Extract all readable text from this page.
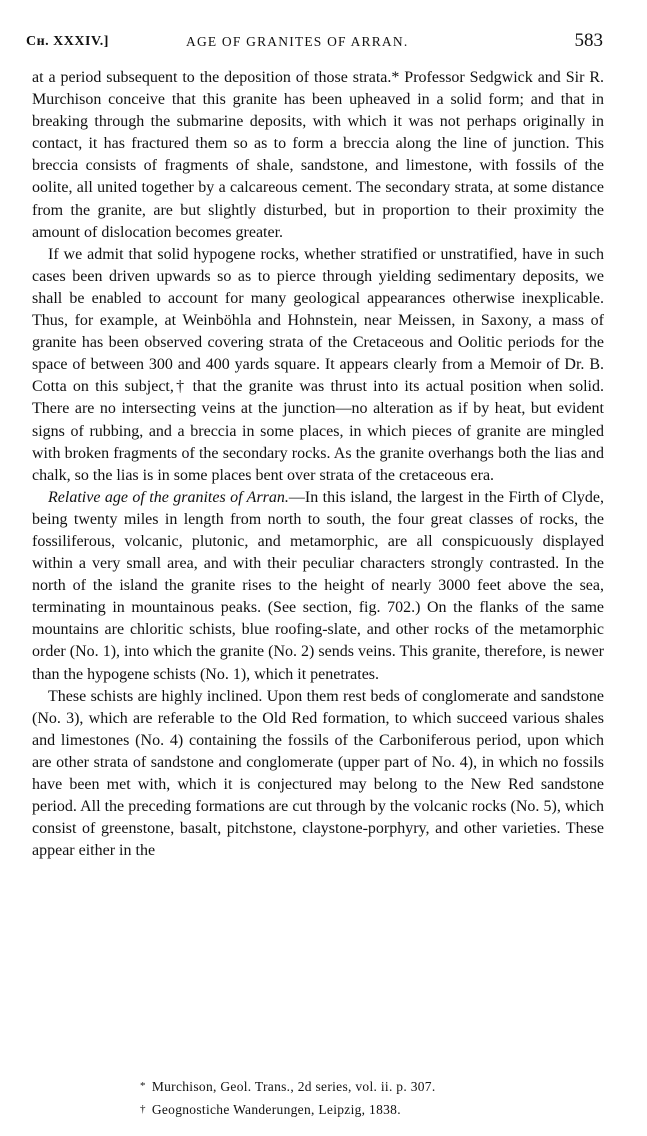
Cʜ. XXXIV.]	AGE OF GRANITES OF ARRAN.	583

at a period subsequent to the deposition of those strata.* Professor Sedgwick and Sir R. Murchison conceive that this granite has been upheaved in a solid form; and that in breaking through the submarine deposits, with which it was not perhaps originally in contact, it has fractured them so as to form a breccia along the line of junction. This breccia consists of fragments of shale, sandstone, and limestone, with fossils of the oolite, all united together by a calcareous cement. The secondary strata, at some distance from the granite, are but slightly disturbed, but in proportion to their proximity the amount of dislocation becomes greater.

If we admit that solid hypogene rocks, whether stratified or unstratified, have in such cases been driven upwards so as to pierce through yielding sedimentary deposits, we shall be enabled to account for many geological appearances otherwise inexplicable. Thus, for example, at Weinböhla and Hohnstein, near Meissen, in Saxony, a mass of granite has been observed covering strata of the Cretaceous and Oolitic periods for the space of between 300 and 400 yards square. It appears clearly from a Memoir of Dr. B. Cotta on this subject,† that the granite was thrust into its actual position when solid. There are no intersecting veins at the junction—no alteration as if by heat, but evident signs of rubbing, and a breccia in some places, in which pieces of granite are mingled with broken fragments of the secondary rocks. As the granite overhangs both the lias and chalk, so the lias is in some places bent over strata of the cretaceous era.

Relative age of the granites of Arran.—In this island, the largest in the Firth of Clyde, being twenty miles in length from north to south, the four great classes of rocks, the fossiliferous, volcanic, plutonic, and metamorphic, are all conspicuously displayed within a very small area, and with their peculiar characters strongly contrasted. In the north of the island the granite rises to the height of nearly 3000 feet above the sea, terminating in mountainous peaks. (See section, fig. 702.) On the flanks of the same mountains are chloritic schists, blue roofing-slate, and other rocks of the metamorphic order (No. 1), into which the granite (No. 2) sends veins. This granite, therefore, is newer than the hypogene schists (No. 1), which it penetrates.

These schists are highly inclined. Upon them rest beds of conglomerate and sandstone (No. 3), which are referable to the Old Red formation, to which succeed various shales and limestones (No. 4) containing the fossils of the Carboniferous period, upon which are other strata of sandstone and conglomerate (upper part of No. 4), in which no fossils have been met with, which it is conjectured may belong to the New Red sandstone period. All the preceding formations are cut through by the volcanic rocks (No. 5), which consist of greenstone, basalt, pitchstone, claystone-porphyry, and other varieties. These appear either in the

* Murchison, Geol. Trans., 2d series, vol. ii. p. 307.
† Geognostiche Wanderungen, Leipzig, 1838.
